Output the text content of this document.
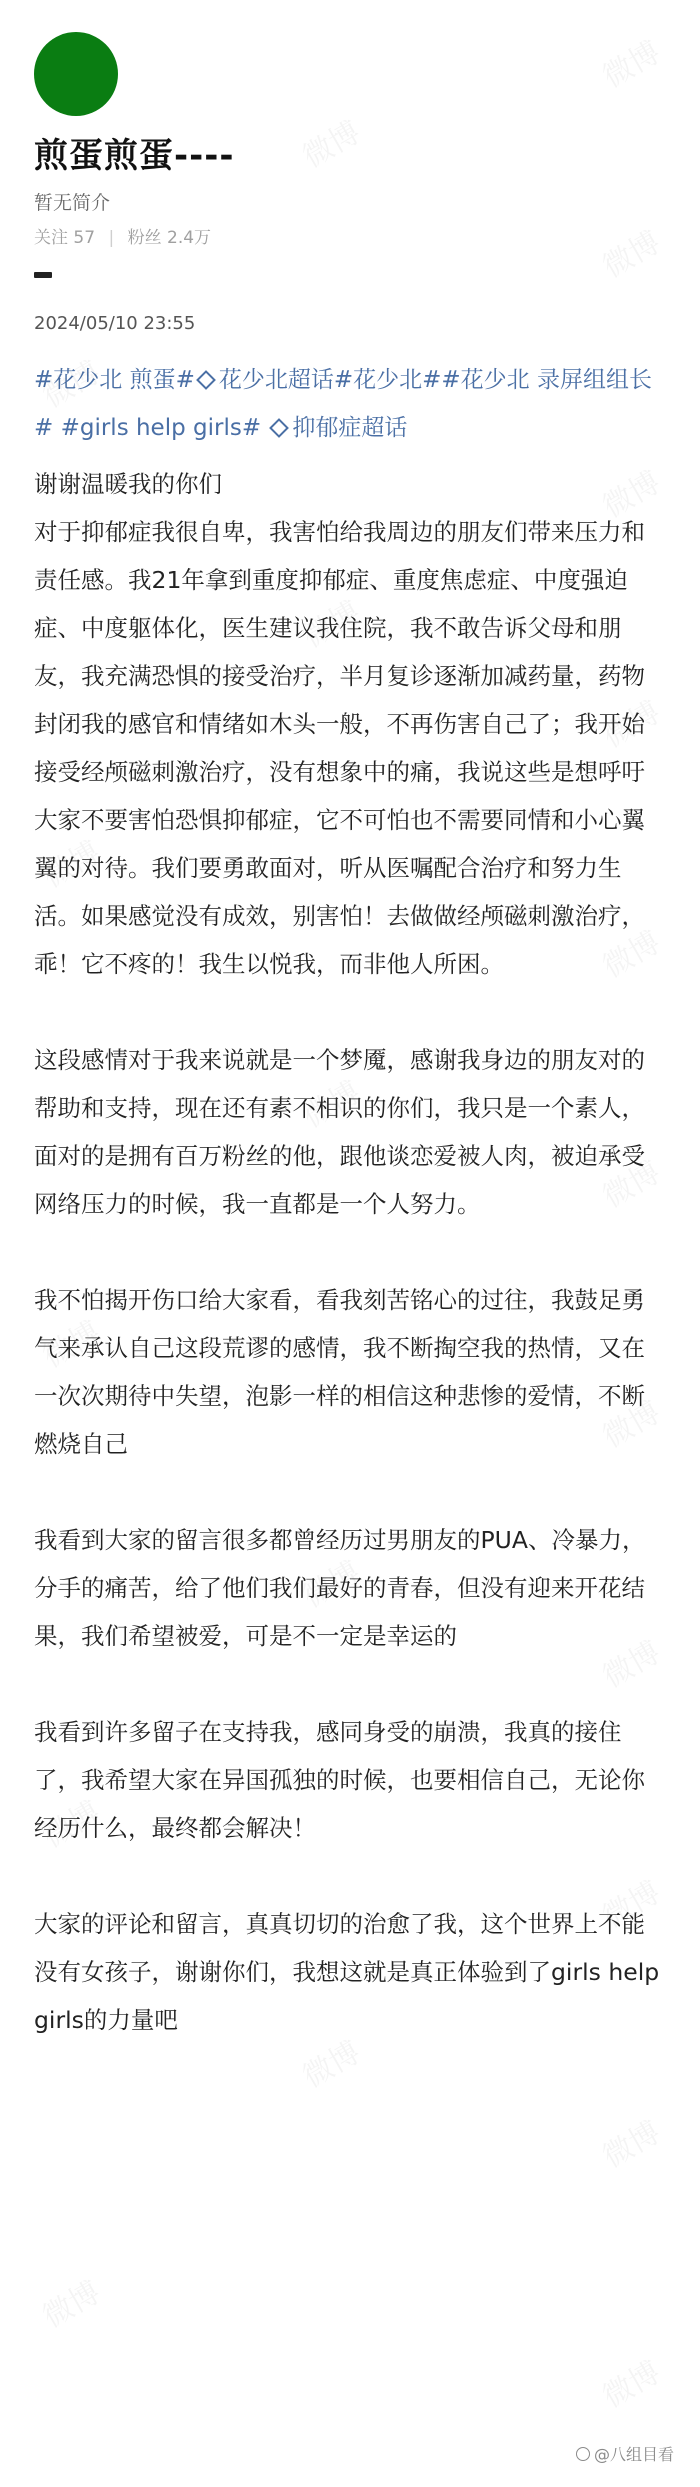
煎蛋煎蛋----
暂无简介
关注 57 | 粉丝 2.4万
2024/05/10 23:55
#花少北 煎蛋# 花少北超话#花少北##花少北 录屏组组长# #girls help girls# 抑郁症超话

谢谢温暖我的你们

对于抑郁症我很自卑，我害怕给我周边的朋友们带来压力和责任感。我21年拿到重度抑郁症、重度焦虑症、中度强迫症、中度躯体化，医生建议我住院，我不敢告诉父母和朋友，我充满恐惧的接受治疗，半月复诊逐渐加减药量，药物封闭我的感官和情绪如木头一般，不再伤害自己了；我开始接受经颅磁刺激治疗，没有想象中的痛，我说这些是想呼吁大家不要害怕恐惧抑郁症，它不可怕也不需要同情和小心翼翼的对待。我们要勇敢面对，听从医嘱配合治疗和努力生活。如果感觉没有成效，别害怕！去做做经颅磁刺激治疗，乖！它不疼的！我生以悦我，而非他人所困。

这段感情对于我来说就是一个梦魇，感谢我身边的朋友对的帮助和支持，现在还有素不相识的你们，我只是一个素人，面对的是拥有百万粉丝的他，跟他谈恋爱被人肉，被迫承受网络压力的时候，我一直都是一个人努力。

我不怕揭开伤口给大家看，看我刻苦铭心的过往，我鼓足勇气来承认自己这段荒谬的感情，我不断掏空我的热情，又在一次次期待中失望，泡影一样的相信这种悲惨的爱情，不断燃烧自己

我看到大家的留言很多都曾经历过男朋友的PUA、冷暴力，分手的痛苦，给了他们我们最好的青春，但没有迎来开花结果，我们希望被爱，可是不一定是幸运的

我看到许多留子在支持我，感同身受的崩溃，我真的接住了，我希望大家在异国孤独的时候，也要相信自己，无论你经历什么，最终都会解决！

大家的评论和留言，真真切切的治愈了我，这个世界上不能没有女孩子，谢谢你们，我想这就是真正体验到了girls help girls的力量吧

@八组目看
